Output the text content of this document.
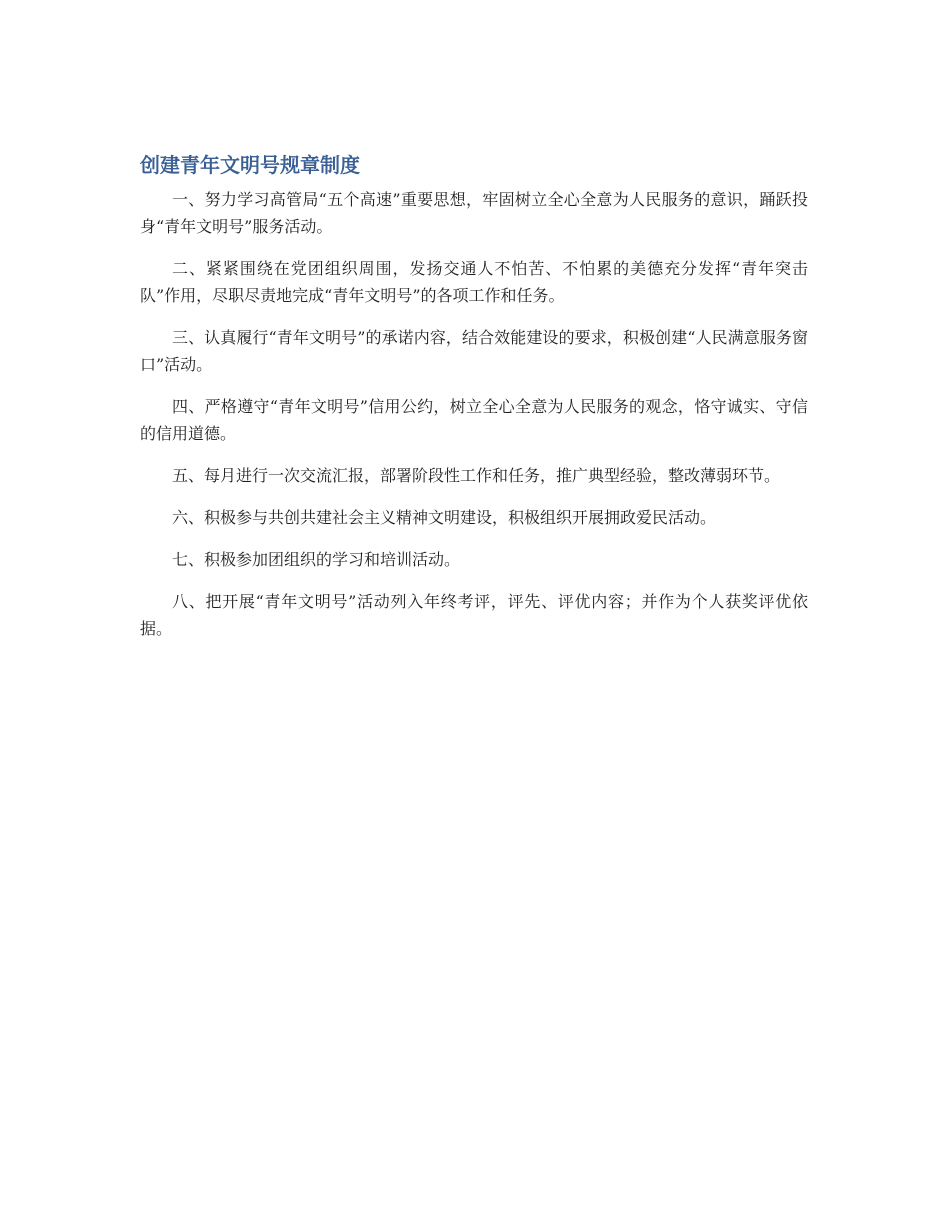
创建青年文明号规章制度

一、努力学习高管局“五个高速”重要思想，牢固树立全心全意为人民服务的意识，踊跃投身“青年文明号”服务活动。

二、紧紧围绕在党团组织周围，发扬交通人不怕苦、不怕累的美德充分发挥“青年突击队”作用，尽职尽责地完成“青年文明号”的各项工作和任务。

三、认真履行“青年文明号”的承诺内容，结合效能建设的要求，积极创建“人民满意服务窗口”活动。

四、严格遵守“青年文明号”信用公约，树立全心全意为人民服务的观念，恪守诚实、守信的信用道德。

五、每月进行一次交流汇报，部署阶段性工作和任务，推广典型经验，整改薄弱环节。

六、积极参与共创共建社会主义精神文明建设，积极组织开展拥政爱民活动。

七、积极参加团组织的学习和培训活动。

八、把开展“青年文明号”活动列入年终考评，评先、评优内容；并作为个人获奖评优依据。
